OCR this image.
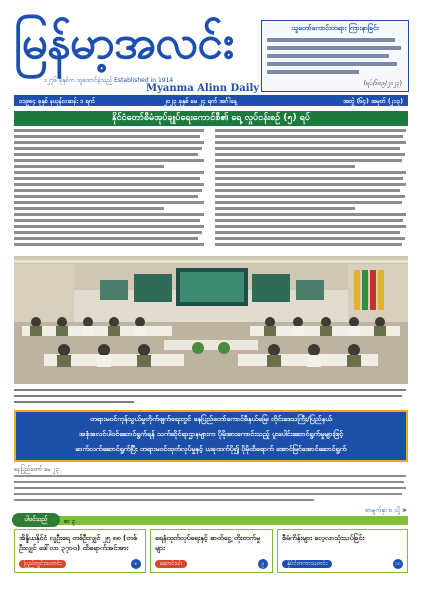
မြန်မာ့အလင်း
၁၂၇၆ ခုနှစ်က ထူထောင်ခဲ့သည် Established in 1914
Myanma Alinn Daily
သူတော်ကောင်းတရား ကြားနာခြင်း
(ရုပ်/၆၈၉/၂၀၂၃)
၁၁၉၈၄ ခုနှစ် နယုန်လဆန်း ၁ ရက်	၂၀၂၃ ခုနှစ် မေ ၂၄ ရက် အင်္ဂါနေ့	အတွဲ (၆၄) အမှတ် (၂၁၃)
နိုင်ငံတော်စီမံအုပ်ချုပ်ရေးကောင်စီ၏ ရေ့ လှုပ်ငန်းစဉ် (၅) ရပ်
တရားမဝင်ကုန်သွယ်မှုတိုက်ဖျက်ရေးတွင် နေပြည်တော်ကောင်စီနယ်မြေ၊ တိုင်းဒေသကြီး/ပြည်နယ်
အစုံအလင်ပါဝင်ဆောင်ရွက်ရန် သက်ဆိုင်ရာဌာနများက ပိုမိုအားကောင်းသည့် ပူးပေါင်းဆောင်ရွက်မှုများဖြင့်
ဆက်လက်ဆောင်ရွက်ပြီး တရားမဝင်ထုတ်လုပ်မှုနှင့် ယခုထက်ပို၍ ပိုမိုထိရောက် အောင်မြင်အောင်ဆောင်ရွက်
နေပြည်တော် မေ ၂၃
စာမျက်နှာ ၈ သို့ ➤
ပါဝင်သည်	စာ ၃
အိန္ဒိယနိုင်ငံ လူဦးရေ တစ်ဦးလျှင် ၂၅ ၈၈ (တစ်ဦးလျှင် ဒေါ်လာ ၃၇၁၀) ထိရောက်အင်အား
ပြည်တွင်းသတင်း	၈
ရေနံထုတ်လုပ်ရေးနှင့် ဓာတ်ငွေ့ တိုးတက်မှုများ
ဆောင်းပါး	၉
စီမံကိန်းများ လေ့လာသုံးသပ်ခြင်း
နိုင်ငံတကာသတင်း	၁၀
